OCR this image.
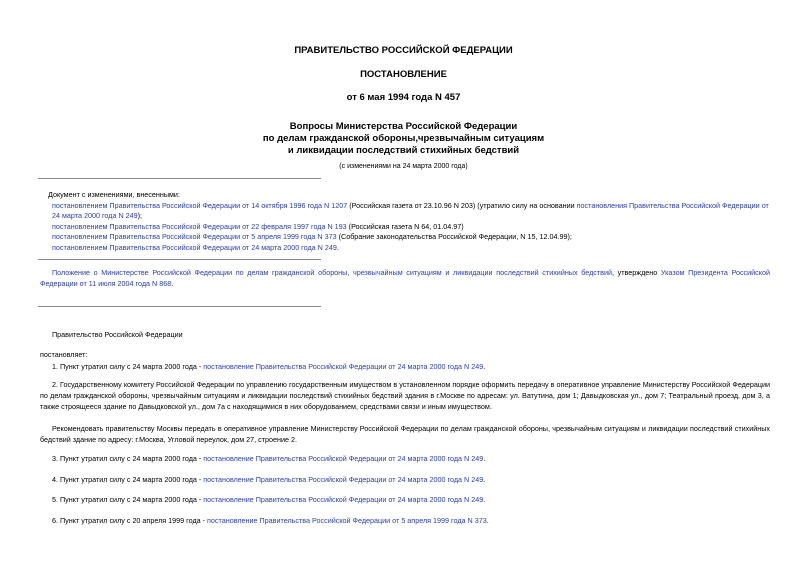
ПРАВИТЕЛЬСТВО РОССИЙСКОЙ ФЕДЕРАЦИИ
ПОСТАНОВЛЕНИЕ
от 6 мая 1994 года N 457
Вопросы Министерства Российской Федерации
по делам гражданской обороны,чрезвычайным ситуациям
и ликвидации последствий стихийных бедствий
(с изменениями на 24 марта 2000 года)
Документ с изменениями, внесенными:
постановлением Правительства Российской Федерации от 14 октября 1996 года N 1207 (Российская газета от 23.10.96 N 203) (утратило силу на основании постановления Правительства Российской Федерации от 24 марта 2000 года N 249);
постановлением Правительства Российской Федерации от 22 февраля 1997 года N 193 (Российская газета N 64, 01.04.97)
постановлением Правительства Российской Федерации от 5 апреля 1999 года N 373 (Собрание законодательства Российской Федерации, N 15, 12.04.99);
постановлением Правительства Российской Федерации от 24 марта 2000 года N 249.
Положение о Министерстве Российской Федерации по делам гражданской обороны, чрезвычайным ситуациям и ликвидации последствий стихийных бедствий, утверждено Указом Президента Российской Федерации от 11 июля 2004 года N 868.
Правительство Российской Федерации
постановляет:
1. Пункт утратил силу с 24 марта 2000 года - постановление Правительства Российской Федерации от 24 марта 2000 года N 249.
2. Государственному комитету Российской Федерации по управлению государственным имуществом в установленном порядке оформить передачу в оперативное управление Министерству Российской Федерации по делам гражданской обороны, чрезвычайным ситуациям и ликвидации последствий стихийных бедствий здания в г.Москве по адресам: ул. Ватутина, дом 1; Давыдковская ул., дом 7; Театральный проезд, дом 3, а также строящееся здание по Давыдковской ул., дом 7а с находящимися в них оборудованием, средствами связи и иным имуществом.
Рекомендовать правительству Москвы передать в оперативное управление Министерству Российской Федерации по делам гражданской обороны, чрезвычайным ситуациям и ликвидации последствий стихийных бедствий здание по адресу: г.Москва, Угловой переулок, дом 27, строение 2.
3. Пункт утратил силу с 24 марта 2000 года - постановление Правительства Российской Федерации от 24 марта 2000 года N 249.
4. Пункт утратил силу с 24 марта 2000 года - постановление Правительства Российской Федерации от 24 марта 2000 года N 249.
5. Пункт утратил силу с 24 марта 2000 года - постановление Правительства Российской Федерации от 24 марта 2000 года N 249.
6. Пункт утратил силу с 20 апреля 1999 года - постановление Правительства Российской Федерации от 5 апреля 1999 года N 373.
